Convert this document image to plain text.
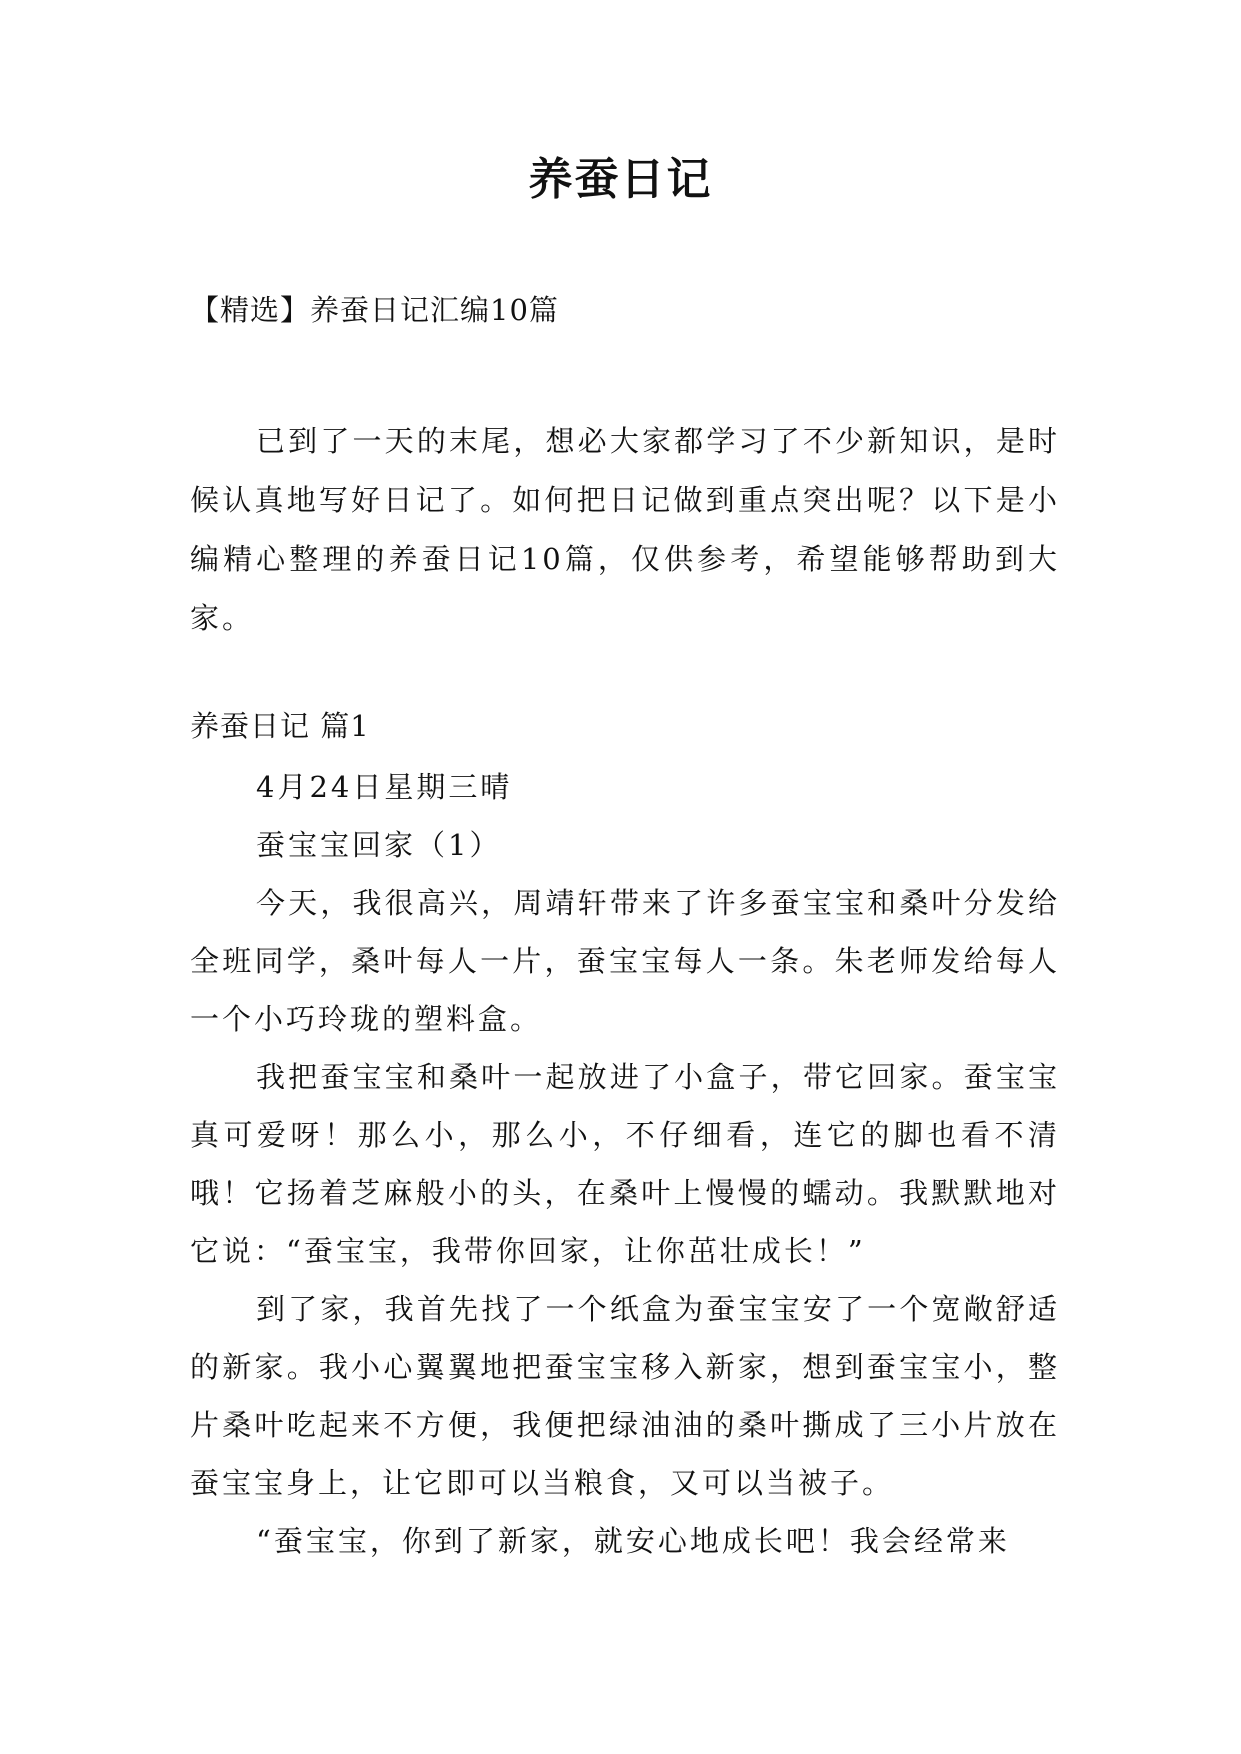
养蚕日记
【精选】养蚕日记汇编10篇

已到了一天的末尾，想必大家都学习了不少新知识，是时候认真地写好日记了。如何把日记做到重点突出呢？以下是小编精心整理的养蚕日记10篇，仅供参考，希望能够帮助到大家。

养蚕日记 篇1

4月24日星期三晴

蚕宝宝回家（1）

今天，我很高兴，周靖轩带来了许多蚕宝宝和桑叶分发给全班同学，桑叶每人一片，蚕宝宝每人一条。朱老师发给每人一个小巧玲珑的塑料盒。

我把蚕宝宝和桑叶一起放进了小盒子，带它回家。蚕宝宝真可爱呀！那么小，那么小，不仔细看，连它的脚也看不清哦！它扬着芝麻般小的头，在桑叶上慢慢的蠕动。我默默地对它说：“蚕宝宝，我带你回家，让你茁壮成长！”

到了家，我首先找了一个纸盒为蚕宝宝安了一个宽敞舒适的新家。我小心翼翼地把蚕宝宝移入新家，想到蚕宝宝小，整片桑叶吃起来不方便，我便把绿油油的桑叶撕成了三小片放在蚕宝宝身上，让它即可以当粮食，又可以当被子。

“蚕宝宝，你到了新家，就安心地成长吧！我会经常来
